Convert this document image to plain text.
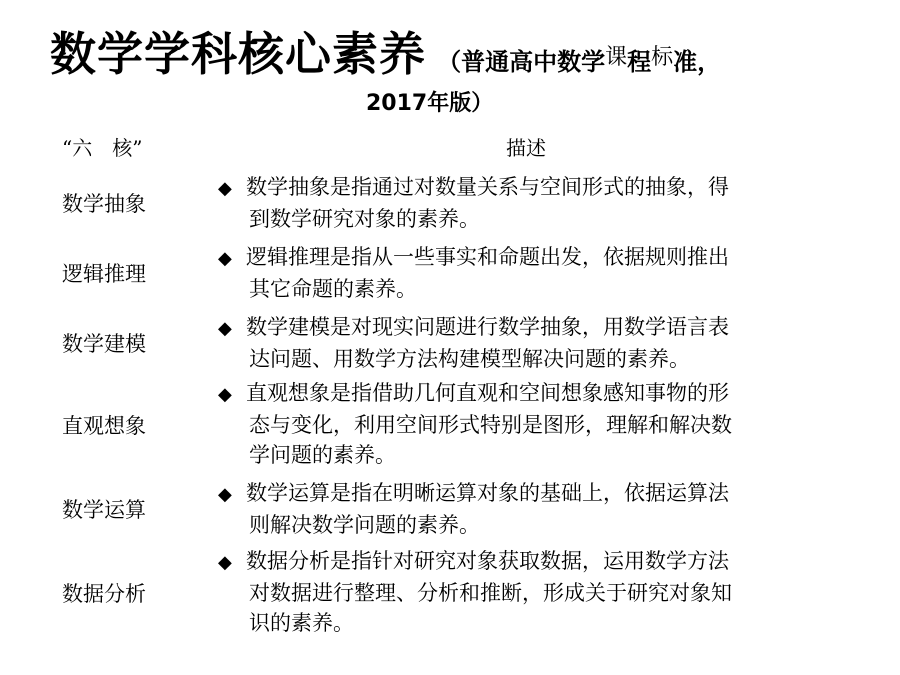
数学学科核心素养 （普通高中数学课程标准，
2017年版）
“六　核”	描述
数学抽象
◆ 数学抽象是指通过对数量关系与空间形式的抽象，得
到数学研究对象的素养。
逻辑推理
◆ 逻辑推理是指从一些事实和命题出发，依据规则推出
其它命题的素养。
数学建模
◆ 数学建模是对现实问题进行数学抽象，用数学语言表
达问题、用数学方法构建模型解决问题的素养。
直观想象
◆ 直观想象是指借助几何直观和空间想象感知事物的形
态与变化，利用空间形式特别是图形，理解和解决数
学问题的素养。
数学运算
◆ 数学运算是指在明晰运算对象的基础上，依据运算法
则解决数学问题的素养。
数据分析
◆ 数据分析是指针对研究对象获取数据，运用数学方法
对数据进行整理、分析和推断，形成关于研究对象知
识的素养。
